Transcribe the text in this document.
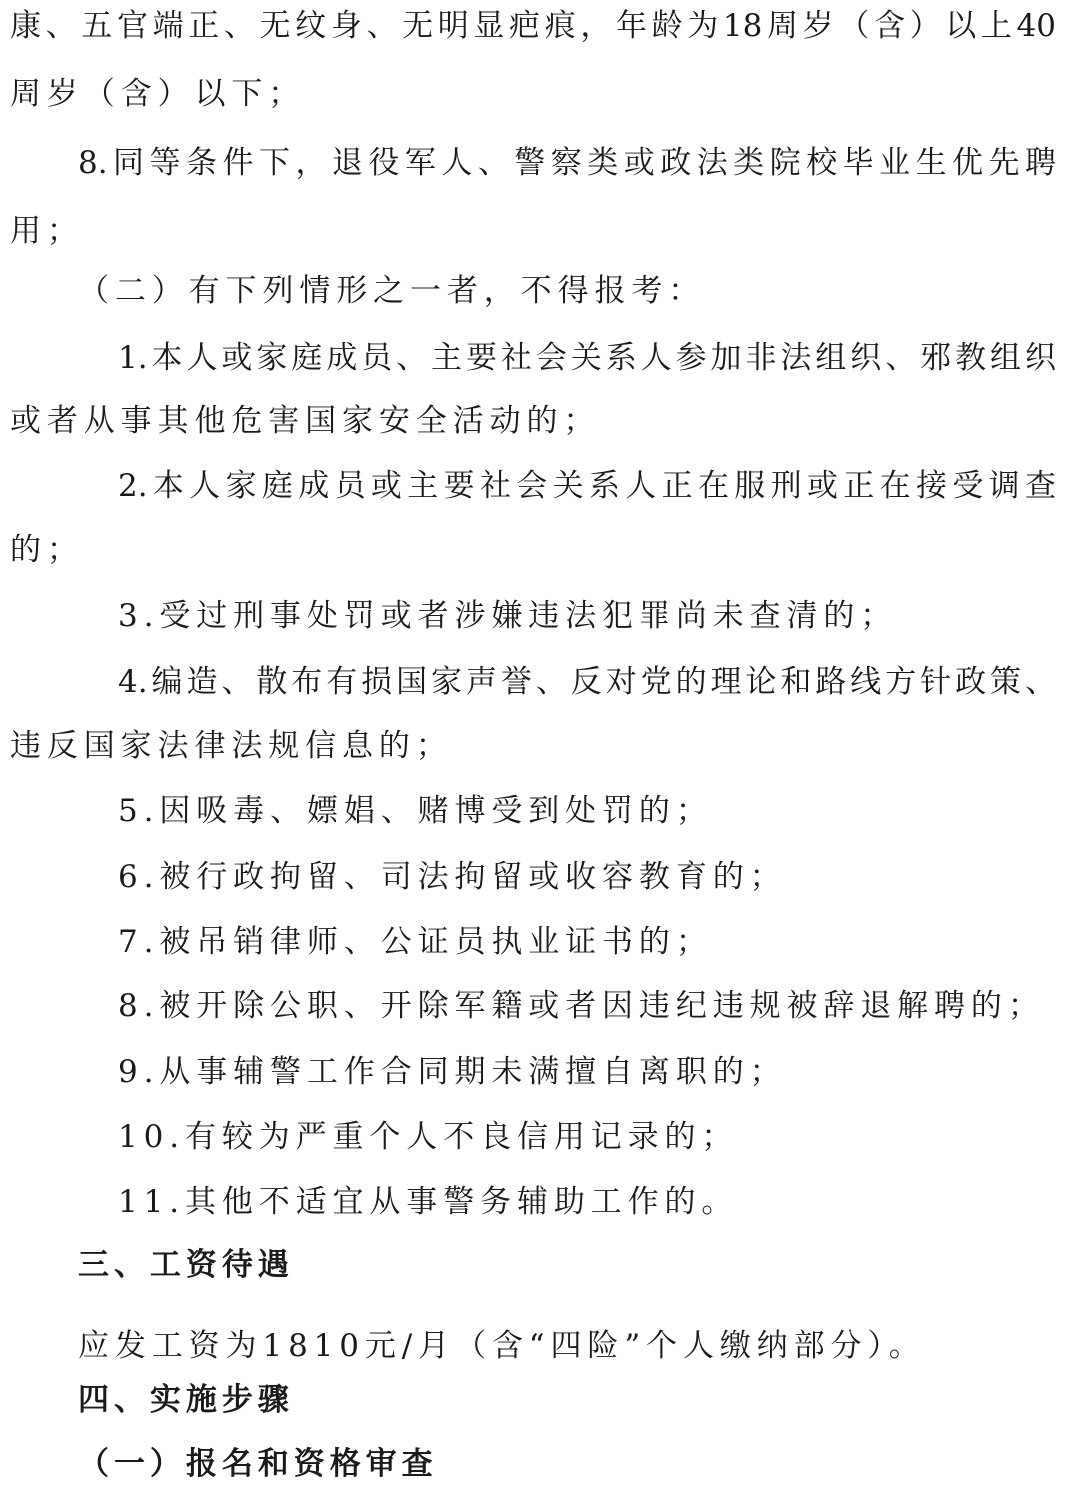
康、五官端正、无纹身、无明显疤痕，年龄为18周岁（含）以上40
周岁（含）以下；
8.同等条件下，退役军人、警察类或政法类院校毕业生优先聘
用；
（二）有下列情形之一者，不得报考：
1.本人或家庭成员、主要社会关系人参加非法组织、邪教组织
或者从事其他危害国家安全活动的；
2.本人家庭成员或主要社会关系人正在服刑或正在接受调查
的；
3.受过刑事处罚或者涉嫌违法犯罪尚未查清的；
4.编造、散布有损国家声誉、反对党的理论和路线方针政策、
违反国家法律法规信息的；
5.因吸毒、嫖娼、赌博受到处罚的；
6.被行政拘留、司法拘留或收容教育的；
7.被吊销律师、公证员执业证书的；
8.被开除公职、开除军籍或者因违纪违规被辞退解聘的；
9.从事辅警工作合同期未满擅自离职的；
10.有较为严重个人不良信用记录的；
11.其他不适宜从事警务辅助工作的。
三、工资待遇
应发工资为1810元/月（含“四险”个人缴纳部分）。
四、实施步骤
（一）报名和资格审查
